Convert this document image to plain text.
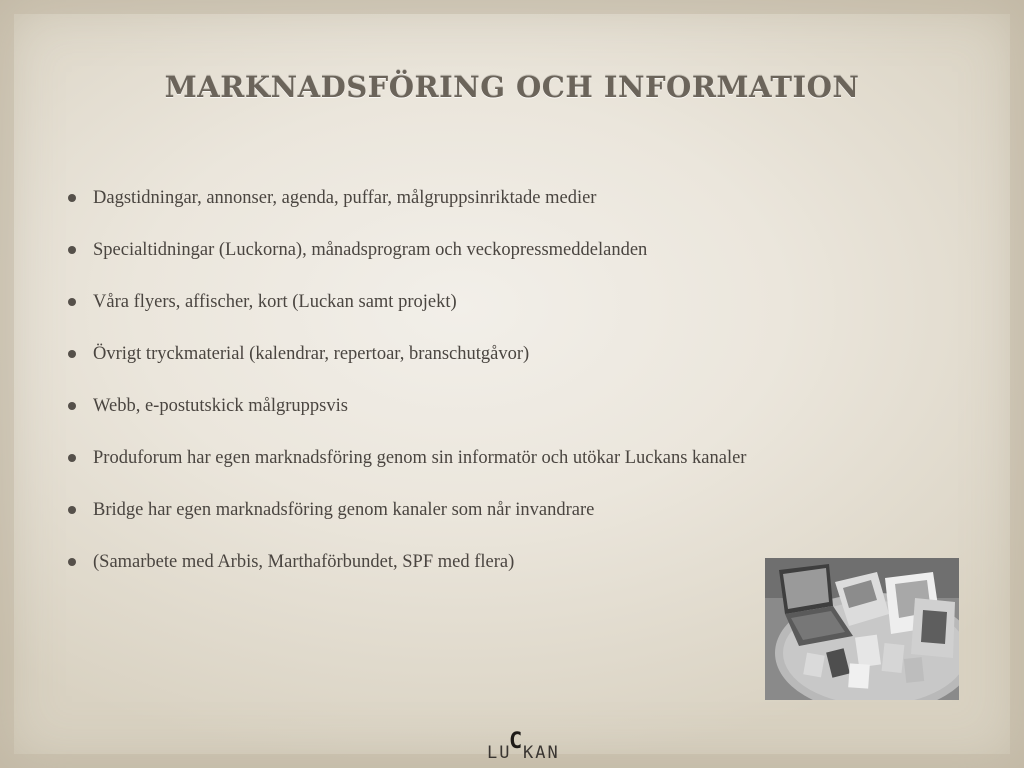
MARKNADSFÖRING OCH INFORMATION
Dagstidningar, annonser, agenda, puffar, målgruppsinriktade medier
Specialtidningar (Luckorna), månadsprogram och veckopressmeddelanden
Våra flyers, affischer, kort (Luckan samt projekt)
Övrigt tryckmaterial (kalendrar, repertoar, branschutgåvor)
Webb, e-postutskick målgruppsvis
Produforum har egen marknadsföring genom sin informatör och utökar Luckans kanaler
Bridge har egen marknadsföring genom kanaler som når invandrare
(Samarbete med Arbis, Marthaförbundet, SPF med flera)
LU
C
KAN
